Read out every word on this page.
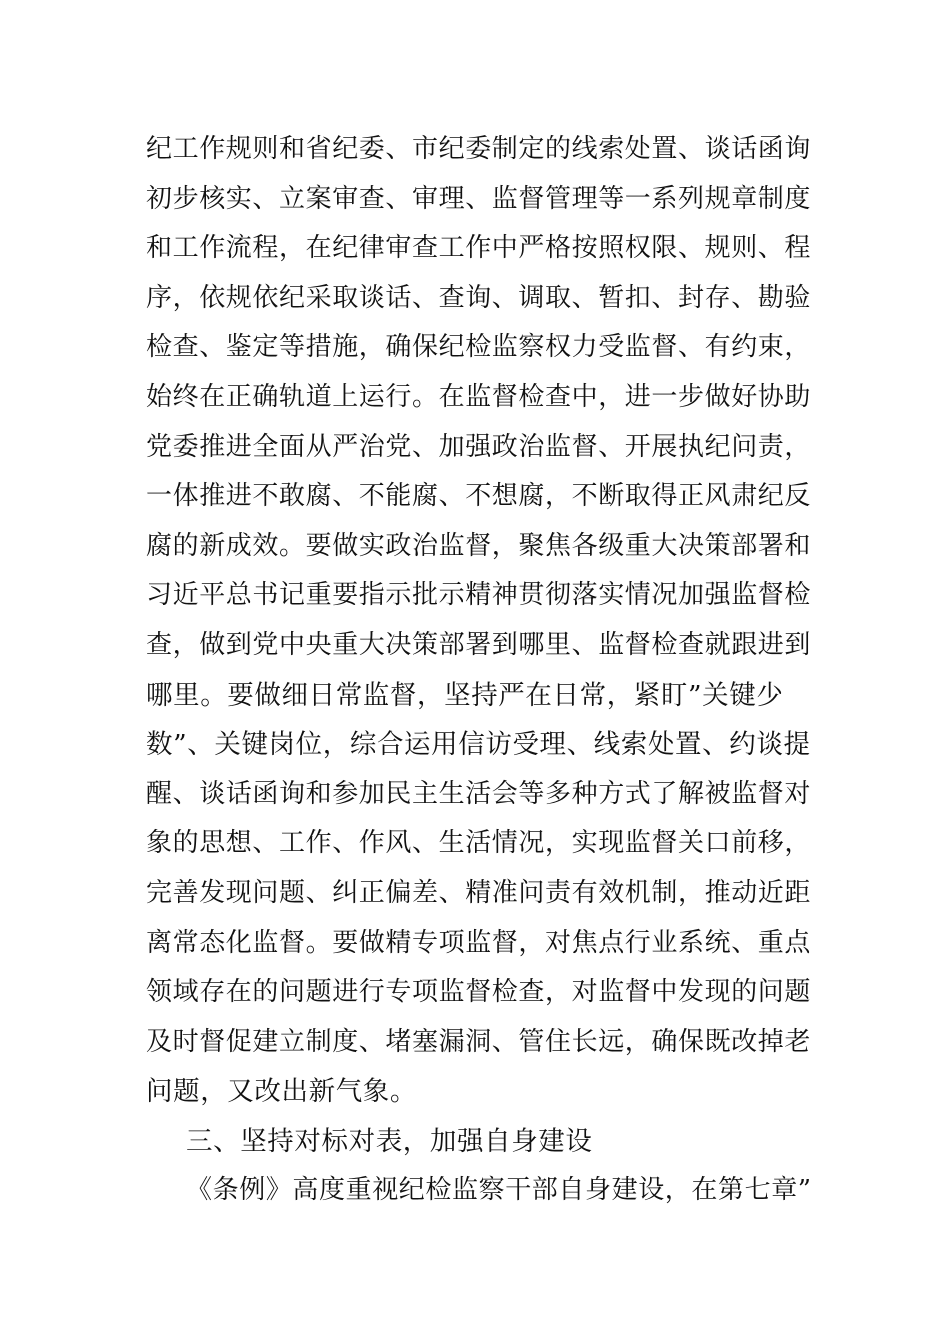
纪工作规则和省纪委、市纪委制定的线索处置、谈话函询
初步核实、立案审查、审理、监督管理等一系列规章制度
和工作流程，在纪律审查工作中严格按照权限、规则、程
序，依规依纪采取谈话、查询、调取、暂扣、封存、勘验
检查、鉴定等措施，确保纪检监察权力受监督、有约束，
始终在正确轨道上运行。在监督检查中，进一步做好协助
党委推进全面从严治党、加强政治监督、开展执纪问责，
一体推进不敢腐、不能腐、不想腐，不断取得正风肃纪反
腐的新成效。要做实政治监督，聚焦各级重大决策部署和
习近平总书记重要指示批示精神贯彻落实情况加强监督检
查，做到党中央重大决策部署到哪里、监督检查就跟进到
哪里。要做细日常监督，坚持严在日常，紧盯”关键少
数”、关键岗位，综合运用信访受理、线索处置、约谈提
醒、谈话函询和参加民主生活会等多种方式了解被监督对
象的思想、工作、作风、生活情况，实现监督关口前移，
完善发现问题、纠正偏差、精准问责有效机制，推动近距
离常态化监督。要做精专项监督，对焦点行业系统、重点
领域存在的问题进行专项监督检查，对监督中发现的问题
及时督促建立制度、堵塞漏洞、管住长远，确保既改掉老
问题，又改出新气象。
三、坚持对标对表，加强自身建设
《条例》高度重视纪检监察干部自身建设，在第七章”
